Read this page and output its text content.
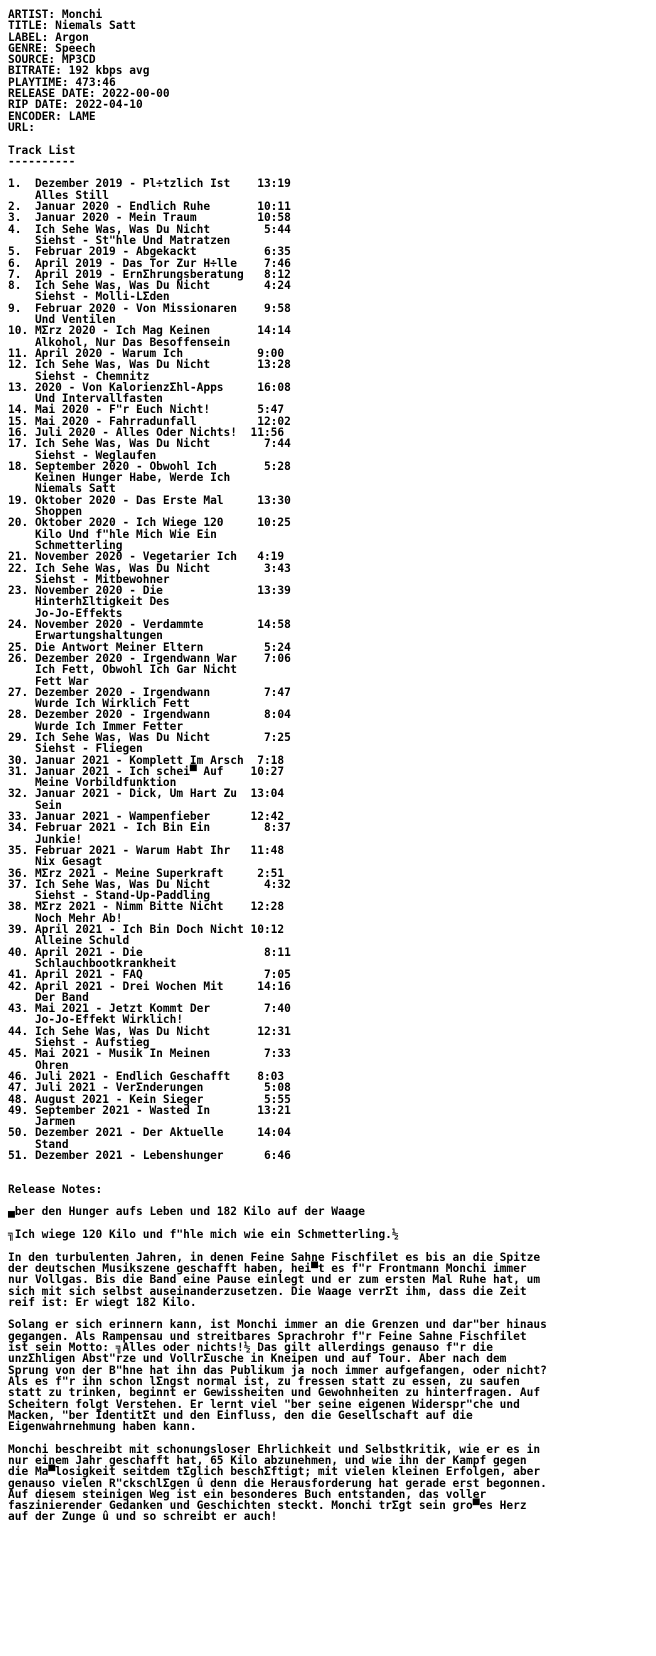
ARTIST: Monchi
TITLE: Niemals Satt
LABEL: Argon
GENRE: Speech
SOURCE: MP3CD
BITRATE: 192 kbps avg
PLAYTIME: 473:46
RELEASE DATE: 2022-00-00
RIP DATE: 2022-04-10
ENCODER: LAME
URL:

Track List
----------

1.  Dezember 2019 - Pl÷tzlich Ist    13:19
Alles Still
2.  Januar 2020 - Endlich Ruhe       10:11
3.  Januar 2020 - Mein Traum         10:58
4.  Ich Sehe Was, Was Du Nicht        5:44
Siehst - St"hle Und Matratzen
5.  Februar 2019 - Abgekackt          6:35
6.  April 2019 - Das Tor Zur H÷lle    7:46
7.  April 2019 - ErnΣhrungsberatung   8:12
8.  Ich Sehe Was, Was Du Nicht        4:24
Siehst - Molli-LΣden
9.  Februar 2020 - Von Missionaren    9:58
Und Ventilen
10. MΣrz 2020 - Ich Mag Keinen       14:14
Alkohol, Nur Das Besoffensein
11. April 2020 - Warum Ich           9:00
12. Ich Sehe Was, Was Du Nicht       13:28
Siehst - Chemnitz
13. 2020 - Von KalorienzΣhl-Apps     16:08
Und Intervallfasten
14. Mai 2020 - F"r Euch Nicht!       5:47
15. Mai 2020 - Fahrradunfall         12:02
16. Juli 2020 - Alles Oder Nichts!  11:56
17. Ich Sehe Was, Was Du Nicht        7:44
Siehst - Weglaufen
18. September 2020 - Obwohl Ich       5:28
Keinen Hunger Habe, Werde Ich
Niemals Satt
19. Oktober 2020 - Das Erste Mal     13:30
Shoppen
20. Oktober 2020 - Ich Wiege 120     10:25
Kilo Und f"hle Mich Wie Ein
Schmetterling
21. November 2020 - Vegetarier Ich   4:19
22. Ich Sehe Was, Was Du Nicht        3:43
Siehst - Mitbewohner
23. November 2020 - Die              13:39
HinterhΣltigkeit Des
Jo-Jo-Effekts
24. November 2020 - Verdammte        14:58
Erwartungshaltungen
25. Die Antwort Meiner Eltern         5:24
26. Dezember 2020 - Irgendwann War    7:06
Ich Fett, Obwohl Ich Gar Nicht
Fett War
27. Dezember 2020 - Irgendwann        7:47
Wurde Ich Wirklich Fett
28. Dezember 2020 - Irgendwann        8:04
Wurde Ich Immer Fetter
29. Ich Sehe Was, Was Du Nicht        7:25
Siehst - Fliegen
30. Januar 2021 - Komplett Im Arsch  7:18
31. Januar 2021 - Ich schei▀ Auf    10:27
Meine Vorbildfunktion
32. Januar 2021 - Dick, Um Hart Zu  13:04
Sein
33. Januar 2021 - Wampenfieber      12:42
34. Februar 2021 - Ich Bin Ein        8:37
Junkie!
35. Februar 2021 - Warum Habt Ihr   11:48
Nix Gesagt
36. MΣrz 2021 - Meine Superkraft     2:51
37. Ich Sehe Was, Was Du Nicht        4:32
Siehst - Stand-Up-Paddling
38. MΣrz 2021 - Nimm Bitte Nicht    12:28
Noch Mehr Ab!
39. April 2021 - Ich Bin Doch Nicht 10:12
Alleine Schuld
40. April 2021 - Die                  8:11
Schlauchbootkrankheit
41. April 2021 - FAQ                  7:05
42. April 2021 - Drei Wochen Mit     14:16
Der Band
43. Mai 2021 - Jetzt Kommt Der        7:40
Jo-Jo-Effekt Wirklich!
44. Ich Sehe Was, Was Du Nicht       12:31
Siehst - Aufstieg
45. Mai 2021 - Musik In Meinen        7:33
Ohren
46. Juli 2021 - Endlich Geschafft    8:03
47. Juli 2021 - VerΣnderungen         5:08
48. August 2021 - Kein Sieger         5:55
49. September 2021 - Wasted In       13:21
Jarmen
50. Dezember 2021 - Der Aktuelle     14:04
Stand
51. Dezember 2021 - Lebenshunger      6:46

Release Notes:

▄ber den Hunger aufs Leben und 182 Kilo auf der Waage

╗Ich wiege 120 Kilo und f"hle mich wie ein Schmetterling.½

In den turbulenten Jahren, in denen Feine Sahne Fischfilet es bis an die Spitze
der deutschen Musikszene geschafft haben, hei▀t es f"r Frontmann Monchi immer
nur Vollgas. Bis die Band eine Pause einlegt und er zum ersten Mal Ruhe hat, um
sich mit sich selbst auseinanderzusetzen. Die Waage verrΣt ihm, dass die Zeit
reif ist: Er wiegt 182 Kilo.

Solang er sich erinnern kann, ist Monchi immer an die Grenzen und dar"ber hinaus
gegangen. Als Rampensau und streitbares Sprachrohr f"r Feine Sahne Fischfilet
ist sein Motto: ╗Alles oder nichts!½ Das gilt allerdings genauso f"r die
unzΣhligen Abst"rze und VollrΣusche in Kneipen und auf Tour. Aber nach dem
Sprung von der B"hne hat ihn das Publikum ja noch immer aufgefangen, oder nicht?
Als es f"r ihn schon lΣngst normal ist, zu fressen statt zu essen, zu saufen
statt zu trinken, beginnt er Gewissheiten und Gewohnheiten zu hinterfragen. Auf
Scheitern folgt Verstehen. Er lernt viel "ber seine eigenen Widerspr"che und
Macken, "ber IdentitΣt und den Einfluss, den die Gesellschaft auf die
Eigenwahrnehmung haben kann.

Monchi beschreibt mit schonungsloser Ehrlichkeit und Selbstkritik, wie er es in
nur einem Jahr geschafft hat, 65 Kilo abzunehmen, und wie ihn der Kampf gegen
die Ma▀losigkeit seitdem tΣglich beschΣftigt; mit vielen kleinen Erfolgen, aber
genauso vielen R"ckschlΣgen û denn die Herausforderung hat gerade erst begonnen.
Auf diesem steinigen Weg ist ein besonderes Buch entstanden, das voller
faszinierender Gedanken und Geschichten steckt. Monchi trΣgt sein gro▀es Herz
auf der Zunge û und so schreibt er auch!
